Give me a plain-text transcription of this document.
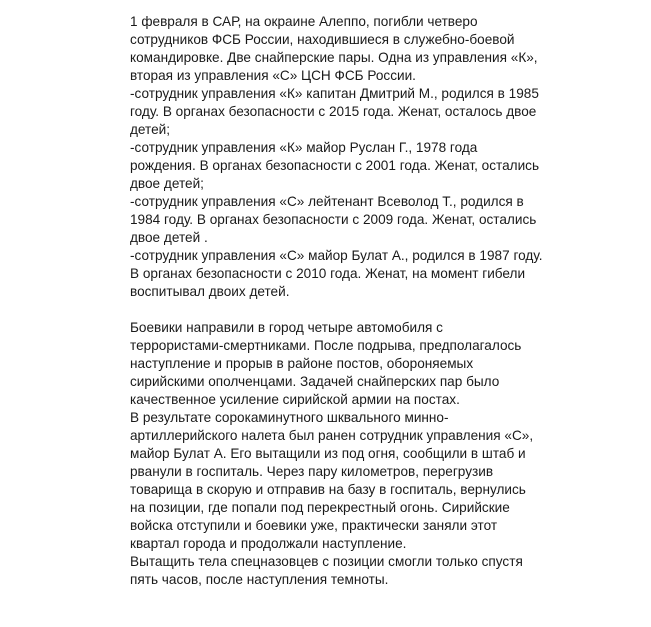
1 февраля в САР, на окраине Алеппо, погибли четверо
сотрудников ФСБ России, находившиеся в служебно-боевой
командировке. Две снайперские пары. Одна из управления «К»,
вторая из управления «С» ЦСН ФСБ России.
-сотрудник управления «К» капитан Дмитрий М., родился в 1985
году. В органах безопасности с 2015 года. Женат, осталось двое
детей;
-сотрудник управления «К» майор Руслан Г., 1978 года
рождения. В органах безопасности с 2001 года. Женат, остались
двое детей;
-сотрудник управления «С» лейтенант Всеволод Т., родился в
1984 году. В органах безопасности с 2009 года. Женат, остались
двое детей .
-сотрудник управления «С» майор Булат А., родился в 1987 году.
В органах безопасности с 2010 года. Женат, на момент гибели
воспитывал двоих детей.
Боевики направили в город четыре автомобиля с
террористами-смертниками. После подрыва, предполагалось
наступление и прорыв в районе постов, обороняемых
сирийскими ополченцами. Задачей снайперских пар было
качественное усиление сирийской армии на постах.
В результате сорокаминутного шквального минно-
артиллерийского налета был ранен сотрудник управления «С»,
майор Булат А. Его вытащили из под огня, сообщили в штаб и
рванули в госпиталь. Через пару километров, перегрузив
товарища в скорую и отправив на базу в госпиталь, вернулись
на позиции, где попали под перекрестный огонь. Сирийские
войска отступили и боевики уже, практически заняли этот
квартал города и продолжали наступление.
Вытащить тела спецназовцев с позиции смогли только спустя
пять часов, после наступления темноты.
